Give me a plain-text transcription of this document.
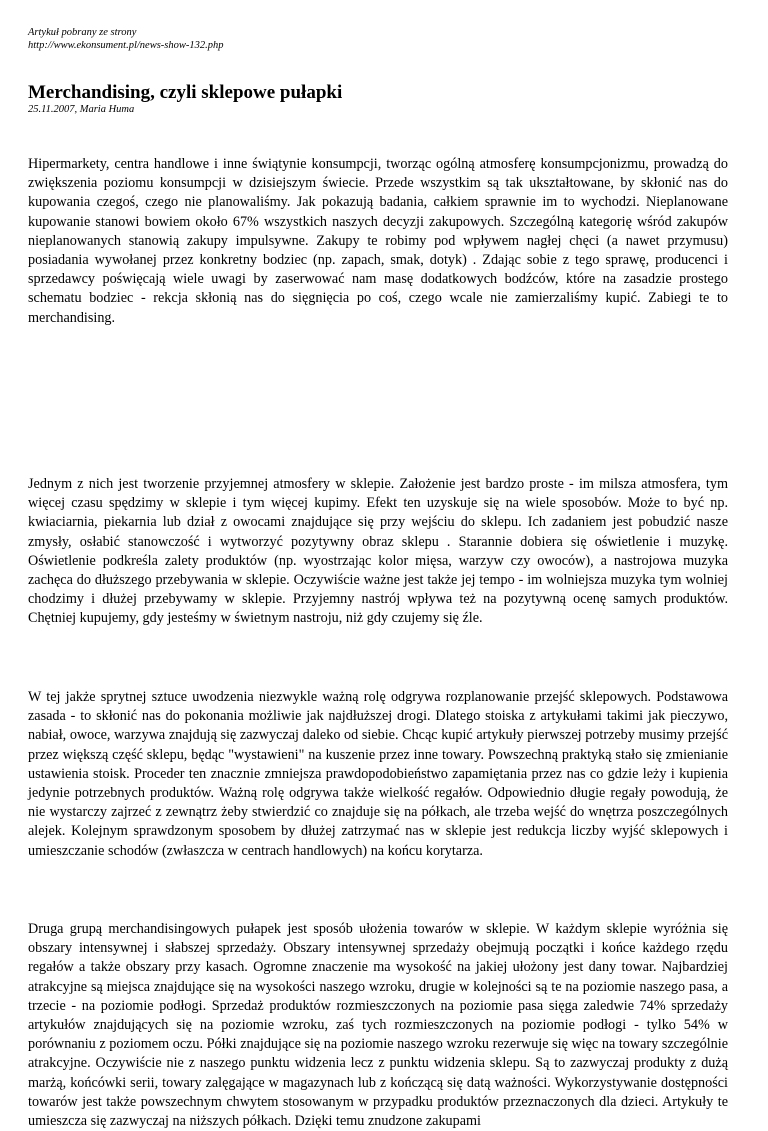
Artykuł pobrany ze strony
http://www.ekonsument.pl/news-show-132.php
Merchandising, czyli sklepowe pułapki
25.11.2007, Maria Huma

Hipermarkety, centra handlowe i inne świątynie konsumpcji, tworząc ogólną atmosferę konsumpcjonizmu, prowadzą do zwiększenia poziomu konsumpcji w dzisiejszym świecie. Przede wszystkim są tak ukształtowane, by skłonić nas do kupowania czegoś, czego nie planowaliśmy. Jak pokazują badania, całkiem sprawnie im to wychodzi. Nieplanowane kupowanie stanowi bowiem około 67% wszystkich naszych decyzji zakupowych. Szczególną kategorię wśród zakupów nieplanowanych stanowią zakupy impulsywne. Zakupy te robimy pod wpływem nagłej chęci (a nawet przymusu) posiadania wywołanej przez konkretny bodziec (np. zapach, smak, dotyk) . Zdając sobie z tego sprawę, producenci i sprzedawcy poświęcają wiele uwagi by zaserwować nam masę dodatkowych bodźców, które na zasadzie prostego schematu bodziec - rekcja skłonią nas do sięgnięcia po coś, czego wcale nie zamierzaliśmy kupić. Zabiegi te to merchandising.

Jednym z nich jest tworzenie przyjemnej atmosfery w sklepie. Założenie jest bardzo proste - im milsza atmosfera, tym więcej czasu spędzimy w sklepie i tym więcej kupimy. Efekt ten uzyskuje się na wiele sposobów. Może to być np. kwiaciarnia, piekarnia lub dział z owocami znajdujące się przy wejściu do sklepu. Ich zadaniem jest pobudzić nasze zmysły, osłabić stanowczość i wytworzyć pozytywny obraz sklepu . Starannie dobiera się oświetlenie i muzykę. Oświetlenie podkreśla zalety produktów (np. wyostrzając kolor mięsa, warzyw czy owoców), a nastrojowa muzyka zachęca do dłuższego przebywania w sklepie. Oczywiście ważne jest także jej tempo - im wolniejsza muzyka tym wolniej chodzimy i dłużej przebywamy w sklepie. Przyjemny nastrój wpływa też na pozytywną ocenę samych produktów. Chętniej kupujemy, gdy jesteśmy w świetnym nastroju, niż gdy czujemy się źle.

W tej jakże sprytnej sztuce uwodzenia niezwykle ważną rolę odgrywa rozplanowanie przejść sklepowych. Podstawowa zasada - to skłonić nas do pokonania możliwie jak najdłuższej drogi. Dlatego stoiska z artykułami takimi jak pieczywo, nabiał, owoce, warzywa znajdują się zazwyczaj daleko od siebie. Chcąc kupić artykuły pierwszej potrzeby musimy przejść przez większą część sklepu, będąc "wystawieni" na kuszenie przez inne towary. Powszechną praktyką stało się zmienianie ustawienia stoisk. Proceder ten znacznie zmniejsza prawdopodobieństwo zapamiętania przez nas co gdzie leży i kupienia jedynie potrzebnych produktów. Ważną rolę odgrywa także wielkość regałów. Odpowiednio długie regały powodują, że nie wystarczy zajrzeć z zewnątrz żeby stwierdzić co znajduje się na półkach, ale trzeba wejść do wnętrza poszczególnych alejek. Kolejnym sprawdzonym sposobem by dłużej zatrzymać nas w sklepie jest redukcja liczby wyjść sklepowych i umieszczanie schodów (zwłaszcza w centrach handlowych) na końcu korytarza.

Druga grupą merchandisingowych pułapek jest sposób ułożenia towarów w sklepie. W każdym sklepie wyróżnia się obszary intensywnej i słabszej sprzedaży. Obszary intensywnej sprzedaży obejmują początki i końce każdego rzędu regałów a także obszary przy kasach. Ogromne znaczenie ma wysokość na jakiej ułożony jest dany towar. Najbardziej atrakcyjne są miejsca znajdujące się na wysokości naszego wzroku, drugie w kolejności są te na poziomie naszego pasa, a trzecie - na poziomie podłogi. Sprzedaż produktów rozmieszczonych na poziomie pasa sięga zaledwie 74% sprzedaży artykułów znajdujących się na poziomie wzroku, zaś tych rozmieszczonych na poziomie podłogi - tylko 54% w porównaniu z poziomem oczu. Półki znajdujące się na poziomie naszego wzroku rezerwuje się więc na towary szczególnie atrakcyjne. Oczywiście nie z naszego punktu widzenia lecz z punktu widzenia sklepu. Są to zazwyczaj produkty z dużą marżą, końcówki serii, towary zalęgające w magazynach lub z kończącą się datą ważności. Wykorzystywanie dostępności towarów jest także powszechnym chwytem stosowanym w przypadku produktów przeznaczonych dla dzieci. Artykuły te umieszcza się zazwyczaj na niższych półkach. Dzięki temu znudzone zakupami
